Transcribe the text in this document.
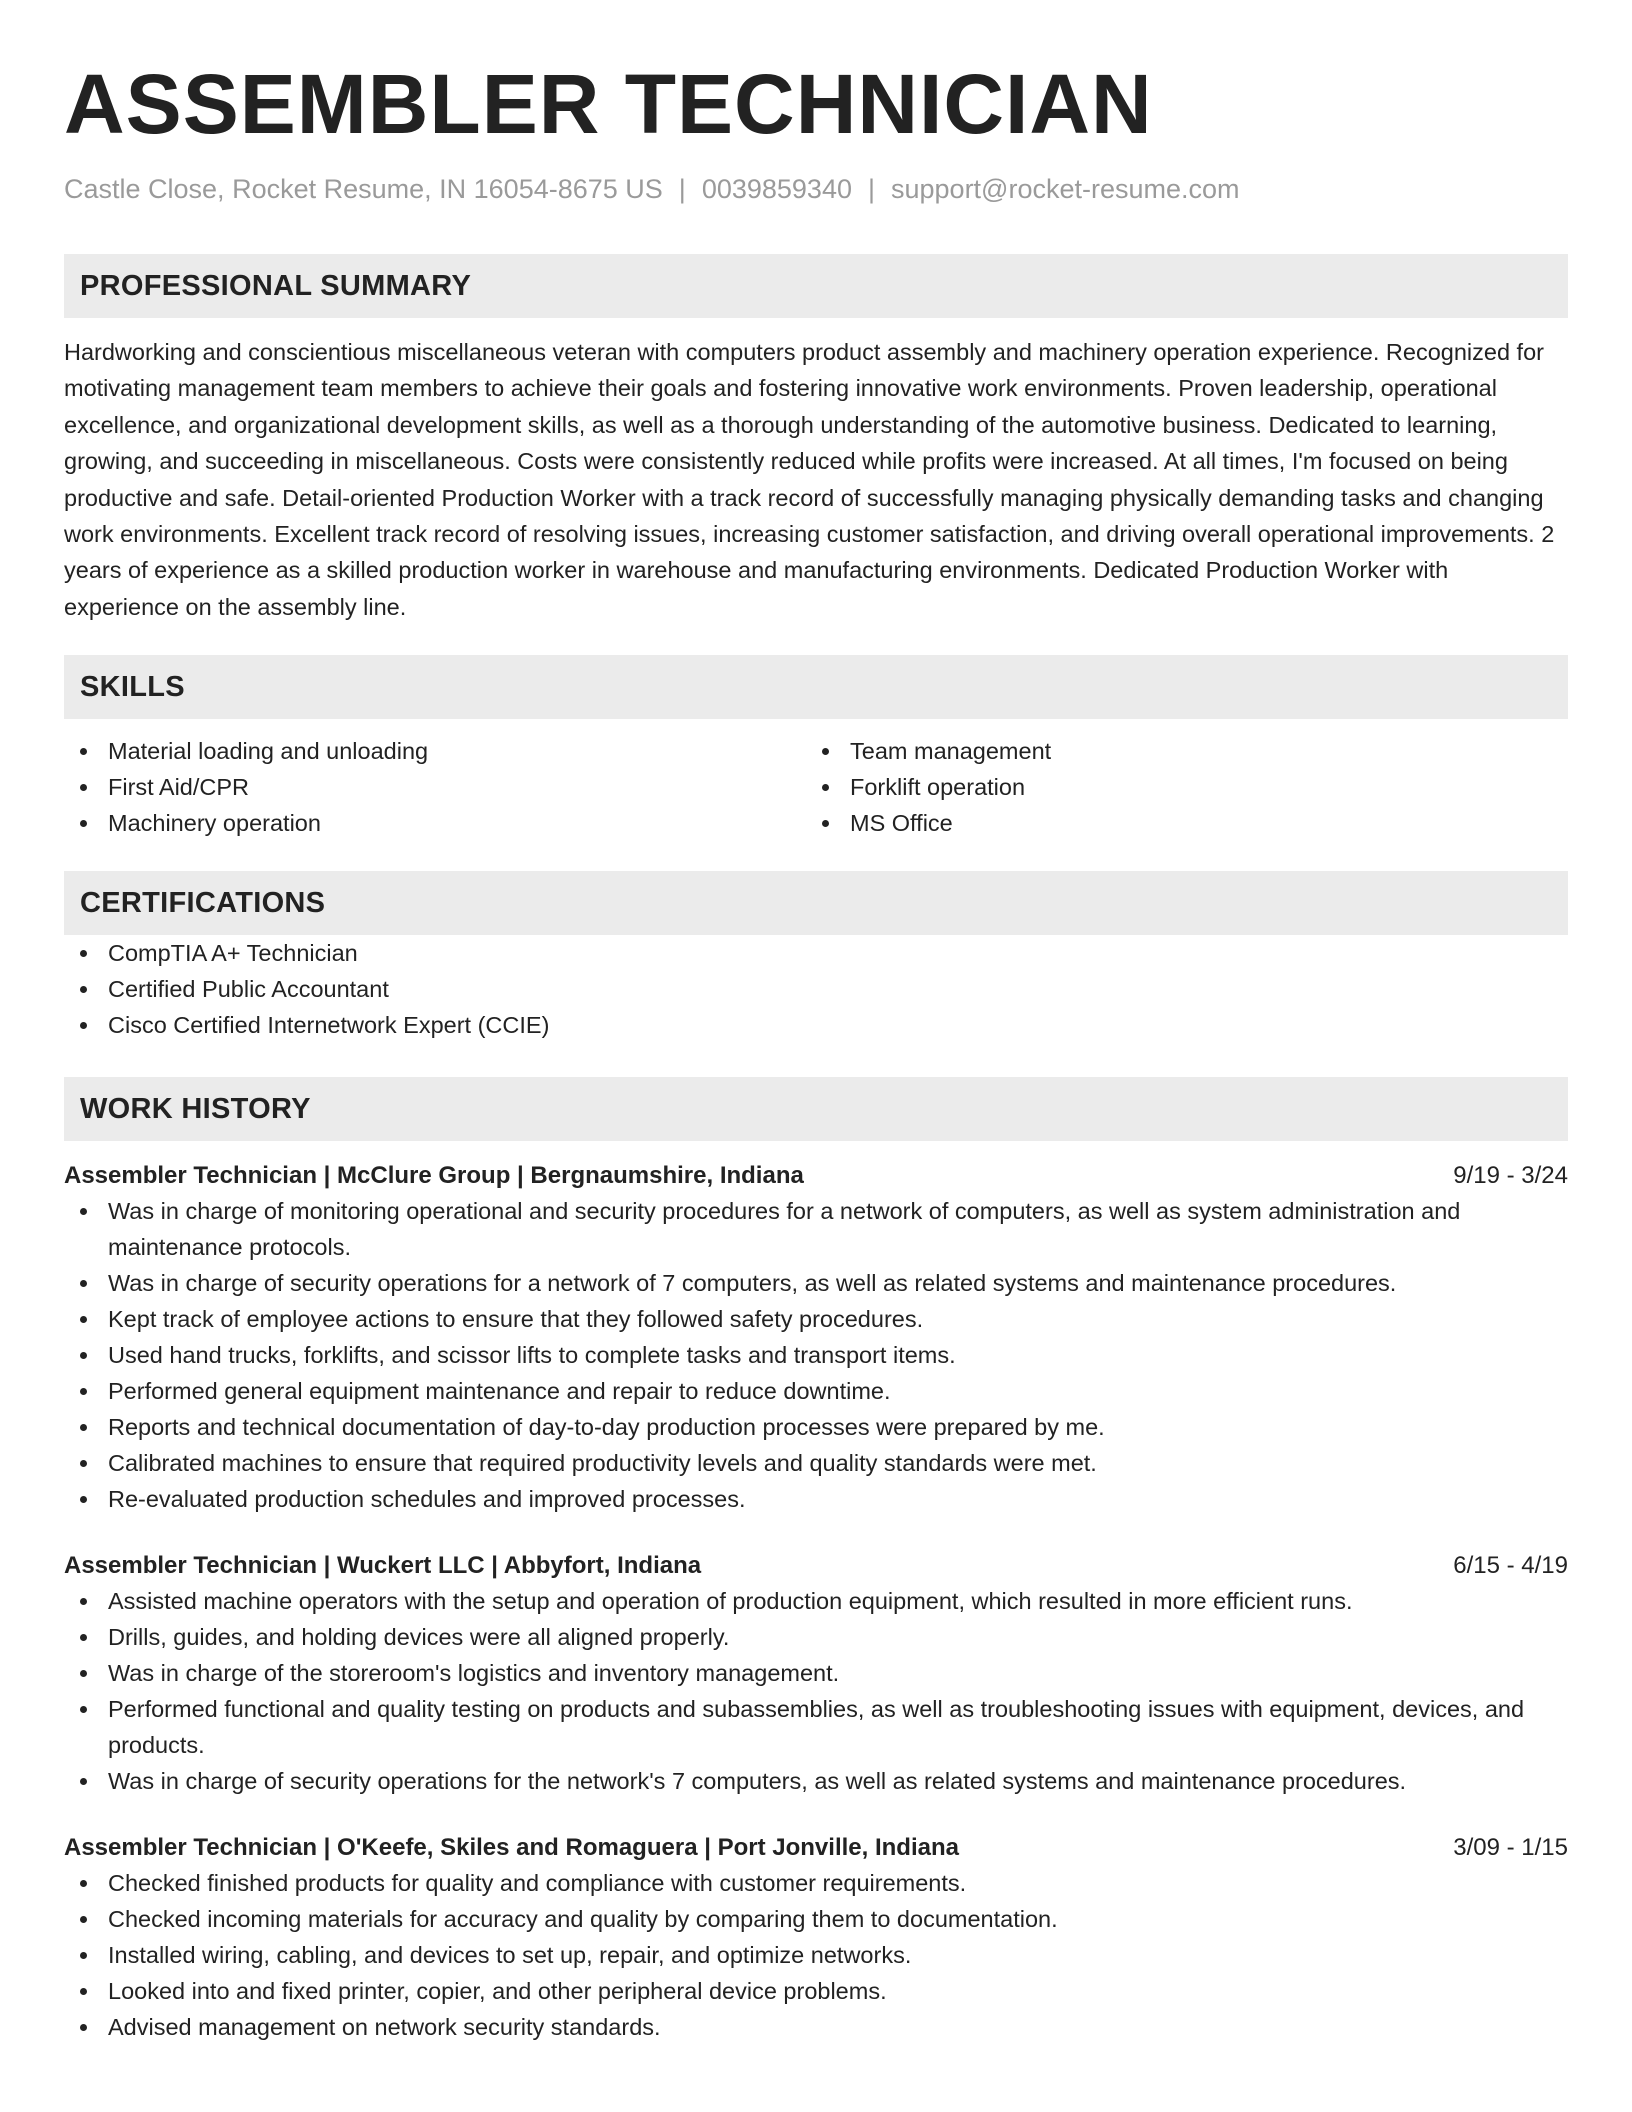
ASSEMBLER TECHNICIAN
Castle Close, Rocket Resume, IN 16054-8675 US | 0039859340 | support@rocket-resume.com
PROFESSIONAL SUMMARY
Hardworking and conscientious miscellaneous veteran with computers product assembly and machinery operation experience. Recognized for motivating management team members to achieve their goals and fostering innovative work environments. Proven leadership, operational excellence, and organizational development skills, as well as a thorough understanding of the automotive business. Dedicated to learning, growing, and succeeding in miscellaneous. Costs were consistently reduced while profits were increased. At all times, I'm focused on being productive and safe. Detail-oriented Production Worker with a track record of successfully managing physically demanding tasks and changing work environments. Excellent track record of resolving issues, increasing customer satisfaction, and driving overall operational improvements. 2 years of experience as a skilled production worker in warehouse and manufacturing environments. Dedicated Production Worker with experience on the assembly line.
SKILLS
Material loading and unloading
First Aid/CPR
Machinery operation
Team management
Forklift operation
MS Office
CERTIFICATIONS
CompTIA A+ Technician
Certified Public Accountant
Cisco Certified Internetwork Expert (CCIE)
WORK HISTORY
Assembler Technician | McClure Group | Bergnaumshire, Indiana	9/19 - 3/24
Was in charge of monitoring operational and security procedures for a network of computers, as well as system administration and maintenance protocols.
Was in charge of security operations for a network of 7 computers, as well as related systems and maintenance procedures.
Kept track of employee actions to ensure that they followed safety procedures.
Used hand trucks, forklifts, and scissor lifts to complete tasks and transport items.
Performed general equipment maintenance and repair to reduce downtime.
Reports and technical documentation of day-to-day production processes were prepared by me.
Calibrated machines to ensure that required productivity levels and quality standards were met.
Re-evaluated production schedules and improved processes.
Assembler Technician | Wuckert LLC | Abbyfort, Indiana	6/15 - 4/19
Assisted machine operators with the setup and operation of production equipment, which resulted in more efficient runs.
Drills, guides, and holding devices were all aligned properly.
Was in charge of the storeroom's logistics and inventory management.
Performed functional and quality testing on products and subassemblies, as well as troubleshooting issues with equipment, devices, and products.
Was in charge of security operations for the network's 7 computers, as well as related systems and maintenance procedures.
Assembler Technician | O'Keefe, Skiles and Romaguera | Port Jonville, Indiana	3/09 - 1/15
Checked finished products for quality and compliance with customer requirements.
Checked incoming materials for accuracy and quality by comparing them to documentation.
Installed wiring, cabling, and devices to set up, repair, and optimize networks.
Looked into and fixed printer, copier, and other peripheral device problems.
Advised management on network security standards.
